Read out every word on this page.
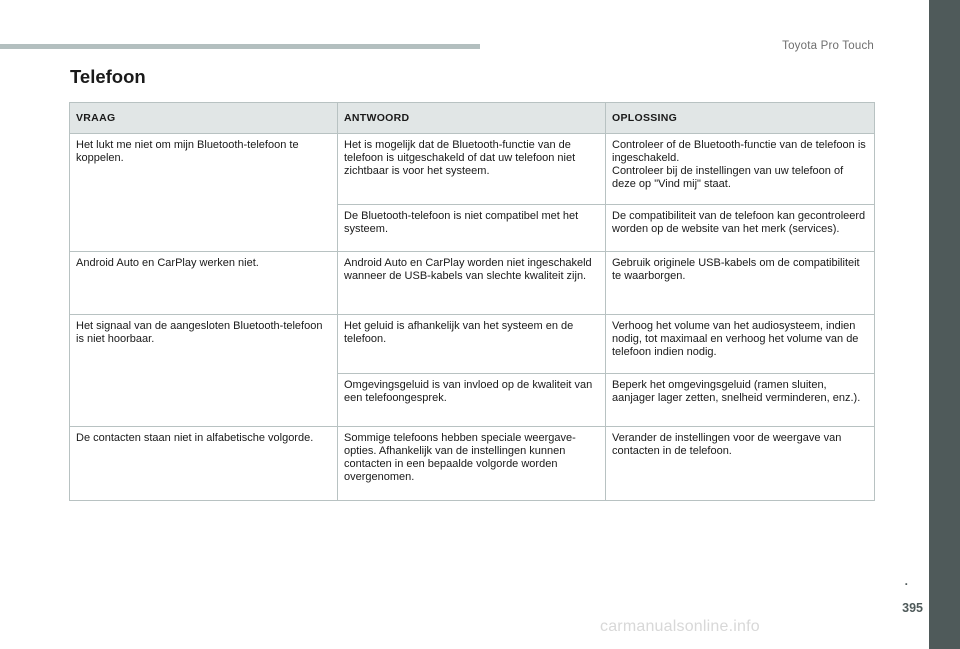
Toyota Pro Touch
Telefoon
VRAAG	ANTWOORD	OPLOSSING
Het lukt me niet om mijn Bluetooth-telefoon te koppelen.	Het is mogelijk dat de Bluetooth-functie van de telefoon is uitgeschakeld of dat uw telefoon niet zichtbaar is voor het systeem.	Controleer of de Bluetooth-functie van de telefoon is ingeschakeld.
Controleer bij de instellingen van uw telefoon of deze op "Vind mij" staat.
	De Bluetooth-telefoon is niet compatibel met het systeem.	De compatibiliteit van de telefoon kan gecontroleerd worden op de website van het merk (services).
Android Auto en CarPlay werken niet.	Android Auto en CarPlay worden niet ingeschakeld wanneer de USB-kabels van slechte kwaliteit zijn.	Gebruik originele USB-kabels om de compatibiliteit te waarborgen.
Het signaal van de aangesloten Bluetooth-telefoon is niet hoorbaar.	Het geluid is afhankelijk van het systeem en de telefoon.	Verhoog het volume van het audiosysteem, indien nodig, tot maximaal en verhoog het volume van de telefoon indien nodig.
	Omgevingsgeluid is van invloed op de kwaliteit van een telefoongesprek.	Beperk het omgevingsgeluid (ramen sluiten, aanjager lager zetten, snelheid verminderen, enz.).
De contacten staan niet in alfabetische volgorde.	Sommige telefoons hebben speciale weergave-opties. Afhankelijk van de instellingen kunnen contacten in een bepaalde volgorde worden overgenomen.	Verander de instellingen voor de weergave van contacten in de telefoon.
.
395
carmanualsonline.info
